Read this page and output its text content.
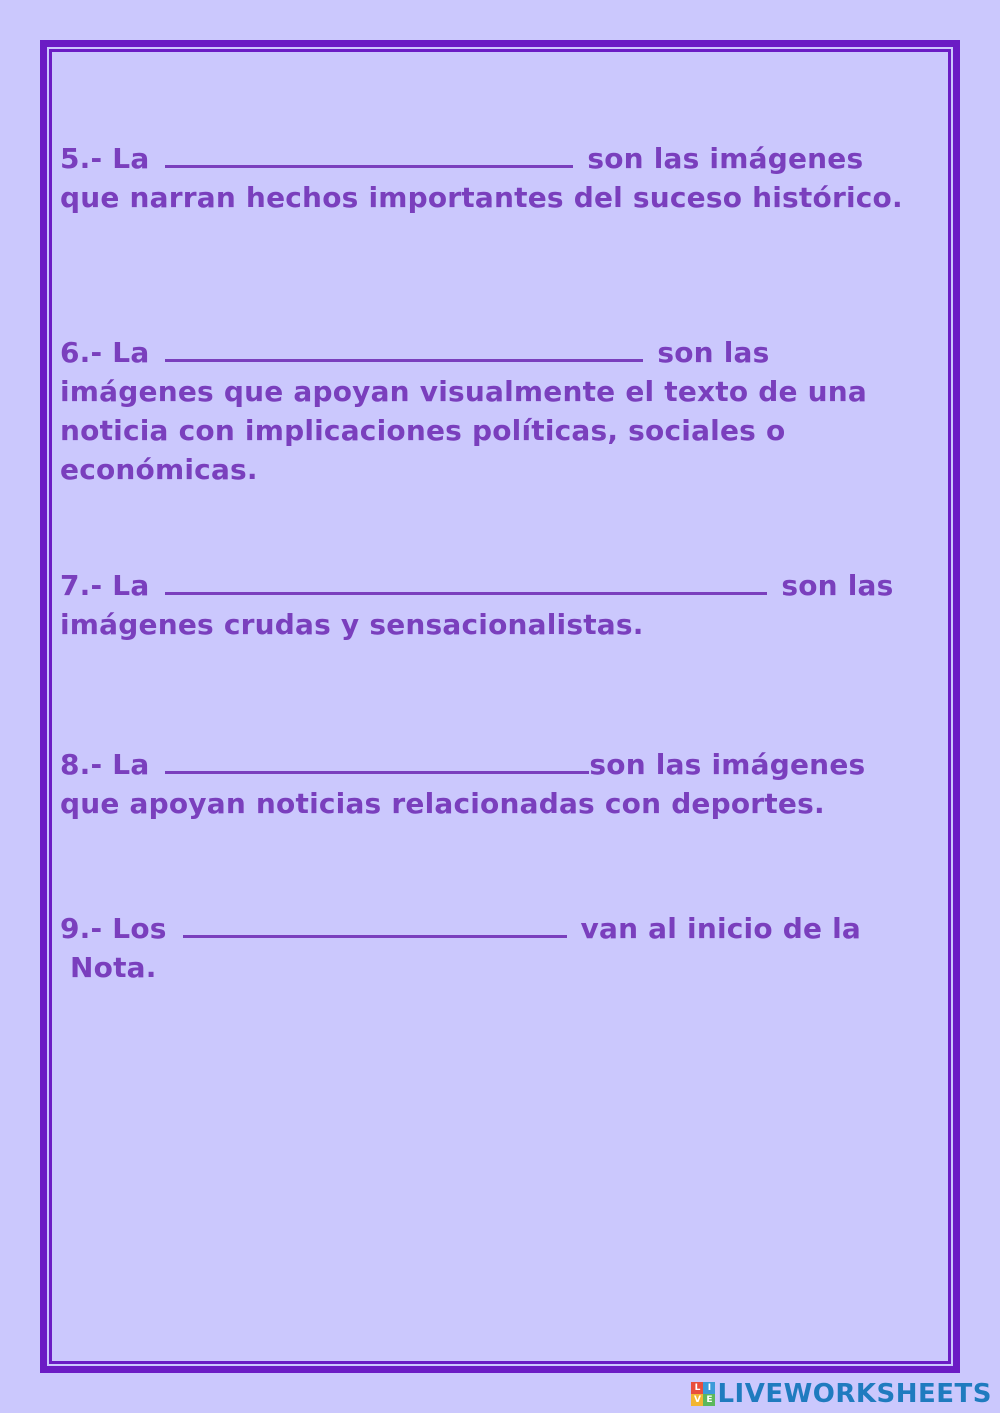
5.- La	son las imágenes
que narran hechos importantes del suceso histórico.
6.- La	son las
imágenes que apoyan visualmente el texto de una
noticia con implicaciones políticas, sociales o
económicas.
7.- La	son las
imágenes crudas y sensacionalistas.
8.- La	son las imágenes
que apoyan noticias relacionadas con deportes.
9.- Los	van al inicio de la
Nota.
L I
V E LIVEWORKSHEETS
